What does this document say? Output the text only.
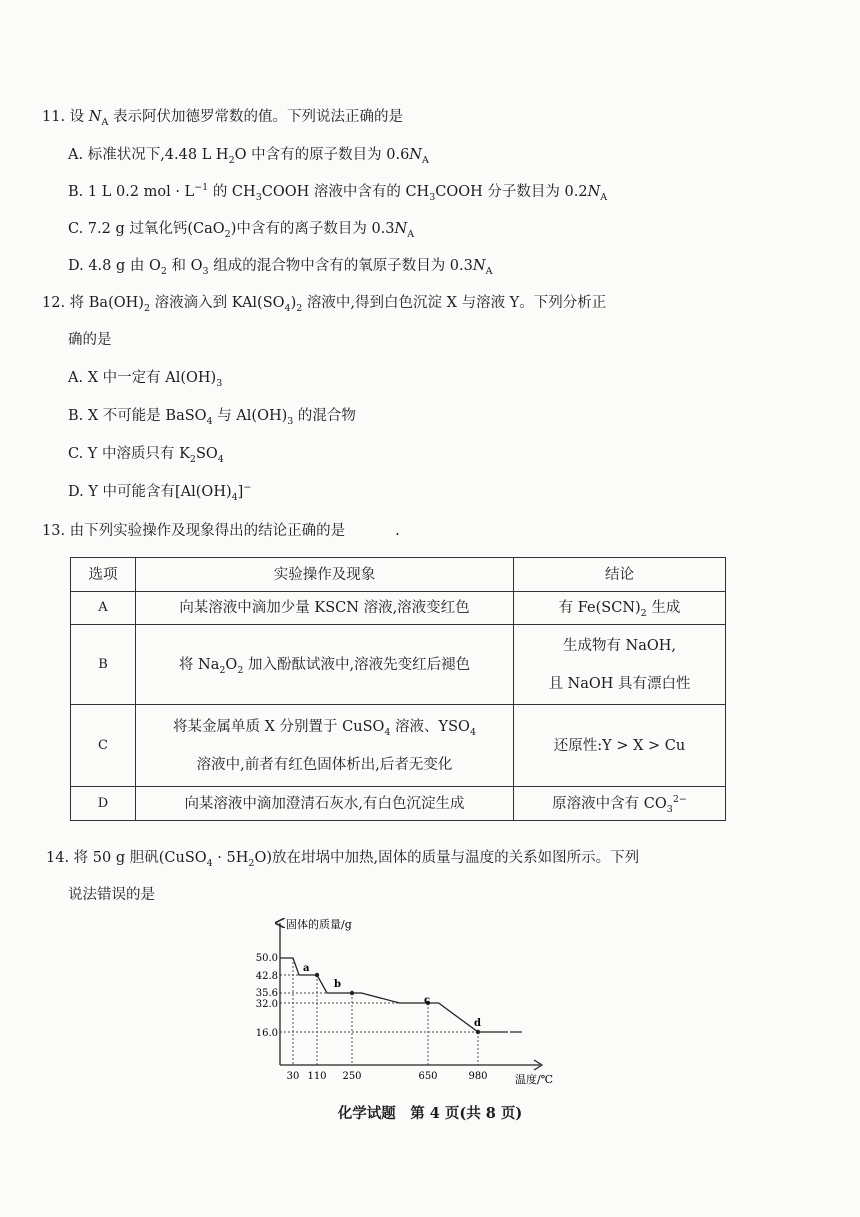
11. 设 $N_A$ 表示阿伏加德罗常数的值。下列说法正确的是
A. 标准状况下,4.48 L $H_2O$ 中含有的原子数目为 $0.6N_A$
B. 1 L 0.2 mol · $L^{-1}$ 的 $CH_3COOH$ 溶液中含有的 $CH_3COOH$ 分子数目为 $0.2N_A$
C. 7.2 g 过氧化钙(CaO$_2$)中含有的离子数目为 $0.3N_A$
D. 4.8 g 由 $O_2$ 和 $O_3$ 组成的混合物中含有的氧原子数目为 $0.3N_A$
12. 将 $Ba(OH)_2$ 溶液滴入到 $KAl(SO_4)_2$ 溶液中,得到白色沉淀 X 与溶液 Y。下列分析正
确的是
A. X 中一定有 $Al(OH)_3$
B. X 不可能是 BaSO$_4$ 与 $Al(OH)_3$ 的混合物
C. Y 中溶质只有 $K_2SO_4$
D. Y 中可能含有$[Al(OH)_4]^-$
13. 由下列实验操作及现象得出的结论正确的是	.
选项	实验操作及现象	结论
A	向某溶液中滴加少量 KSCN 溶液,溶液变红色	有 $Fe(SCN)_2$ 生成
B	将 $Na_2O_2$ 加入酚酞试液中,溶液先变红后褪色	生成物有 NaOH,
且 NaOH 具有漂白性
C	将某金属单质 X 分别置于 CuSO$_4$ 溶液、$YSO_4$
溶液中,前者有红色固体析出,后者无变化	还原性:Y > X > Cu
D	向某溶液中滴加澄清石灰水,有白色沉淀生成	原溶液中含有 $CO_3^{2-}$
14. 将 50 g 胆矾(CuSO$_4$ · $5H_2O$)放在坩埚中加热,固体的质量与温度的关系如图所示。下列
说法错误的是
固体的质量/g
温度/℃
50.0
42.8
35.6
32.0
16.0
30 110 250	650	980
a
b
c
d
化学试题　第 4 页(共 8 页)
